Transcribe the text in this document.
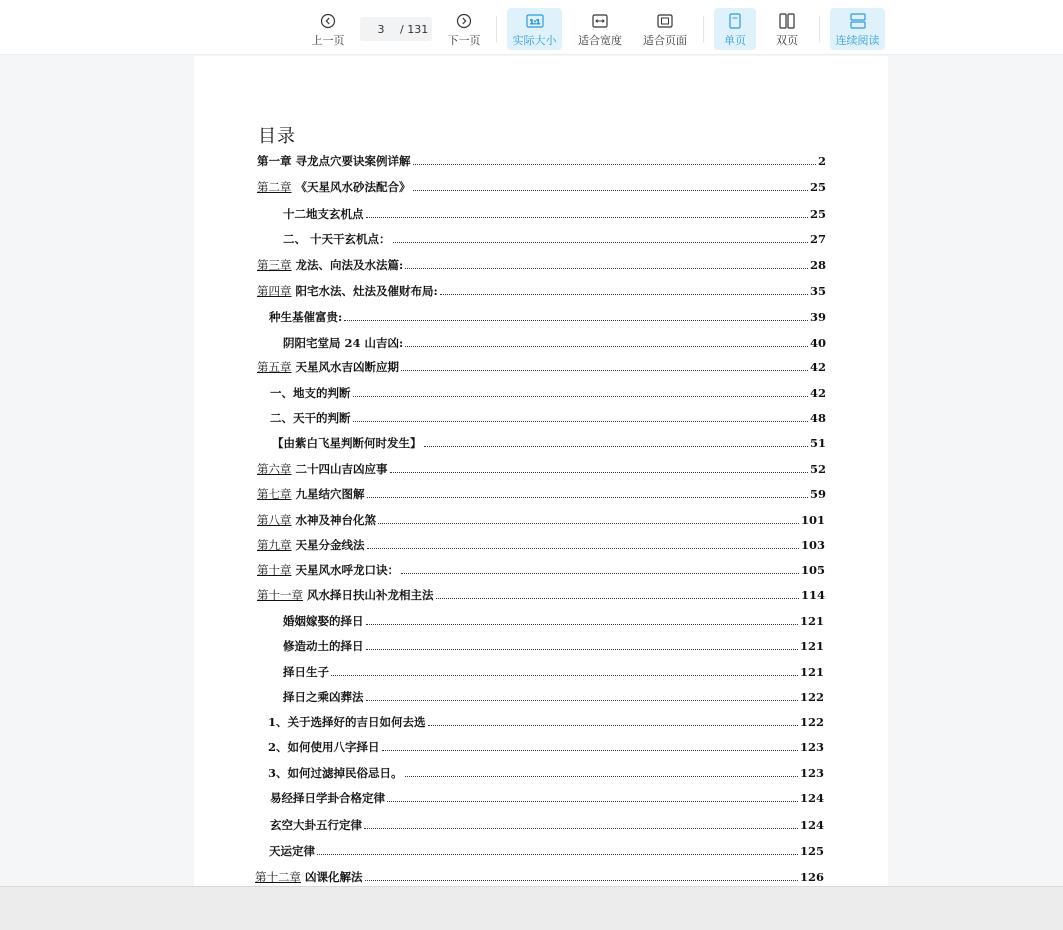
上一页
3
/ 131
下一页
1:1
实际大小 适合宽度 适合页面	单页	双页	连续阅读
目录
第一章 寻龙点穴要诀案例详解	2
第二章 《天星风水砂法配合》	25
十二地支玄机点	25
二、 十天干玄机点：	27
第三章 龙法、向法及水法篇:	28
第四章 阳宅水法、灶法及催财布局:	35
种生基催富贵:	39
阴阳宅堂局 24 山吉凶:	40
第五章 天星风水吉凶断应期	42
一、地支的判断	42
二、天干的判断	48
【由紫白飞星判断何时发生】	51
第六章 二十四山吉凶应事	52
第七章 九星结穴图解	59
第八章 水神及神台化煞	101
第九章 天星分金线法	103
第十章 天星风水呼龙口诀：	105
第十一章 风水择日扶山补龙相主法	114
婚姻嫁娶的择日	121
修造动土的择日	121
择日生子	121
择日之乘凶葬法	122
1、关于选择好的吉日如何去选	122
2、如何使用八字择日	123
3、如何过滤掉民俗忌日。	123
易经择日学卦合格定律	124
玄空大卦五行定律	124
天运定律	125
第十二章 凶课化解法	126
